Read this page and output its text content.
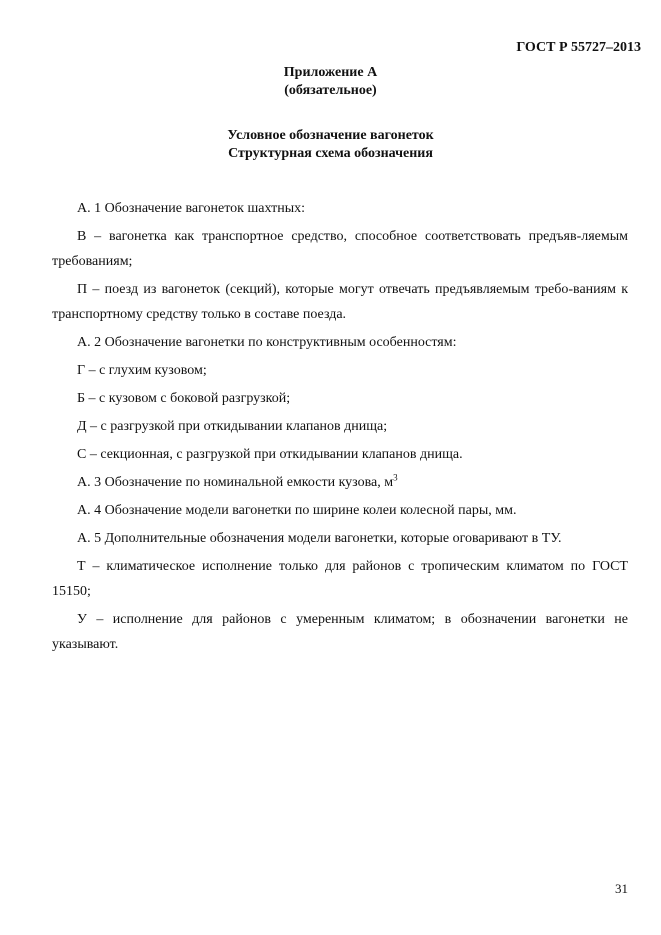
ГОСТ Р 55727–2013
Приложение А
(обязательное)
Условное обозначение вагонеток
Структурная схема обозначения

А. 1 Обозначение вагонеток шахтных:

В – вагонетка как транспортное средство, способное соответствовать предъяв-ляемым требованиям;

П – поезд из вагонеток (секций), которые могут отвечать предъявляемым требо-ваниям к транспортному средству только в составе поезда.

А. 2 Обозначение вагонетки по конструктивным особенностям:

Г – с глухим кузовом;

Б – с кузовом с боковой разгрузкой;

Д – с разгрузкой при откидывании клапанов днища;

С – секционная, с разгрузкой при откидывании клапанов днища.

А. 3 Обозначение по номинальной емкости кузова, $м^3$

А. 4 Обозначение модели вагонетки по ширине колеи колесной пары, мм.

А. 5 Дополнительные обозначения модели вагонетки, которые оговаривают в ТУ.

Т – климатическое исполнение только для районов с тропическим климатом по ГОСТ 15150;

У – исполнение для районов с умеренным климатом; в обозначении вагонетки не указывают.

31
